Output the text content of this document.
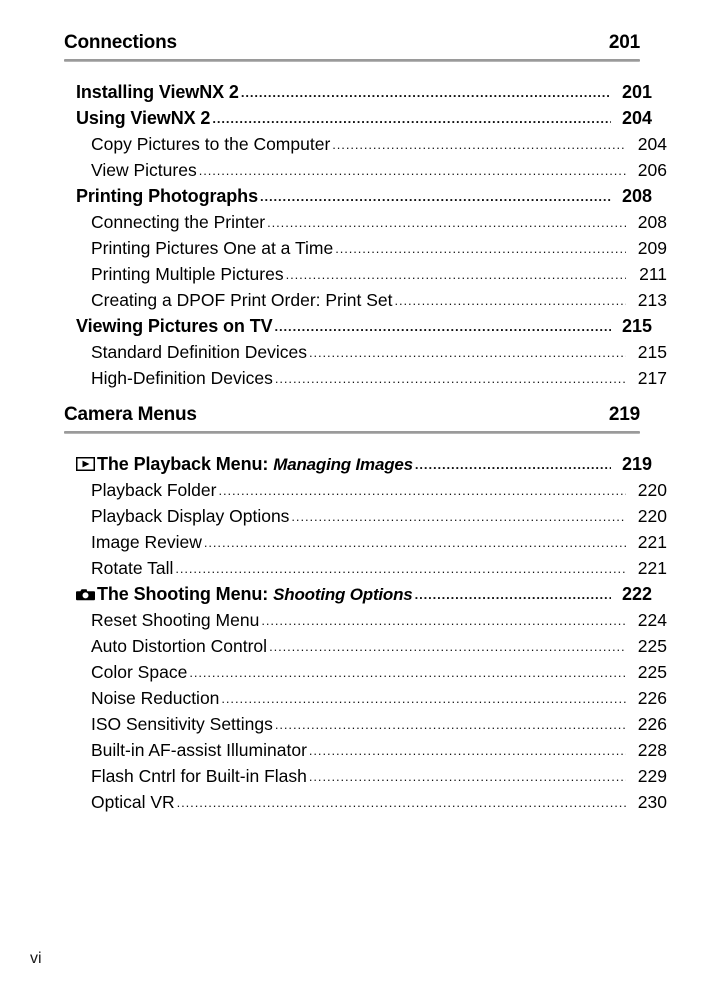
Connections	201
Installing ViewNX 2 .....	201
Using ViewNX 2 .....	204
Copy Pictures to the Computer .....	204
View Pictures .....	206
Printing Photographs .....	208
Connecting the Printer .....	208
Printing Pictures One at a Time .....	209
Printing Multiple Pictures .....	211
Creating a DPOF Print Order: Print Set .....	213
Viewing Pictures on TV .....	215
Standard Definition Devices .....	215
High-Definition Devices .....	217
Camera Menus	219
The Playback Menu: Managing Images .....	219
Playback Folder .....	220
Playback Display Options .....	220
Image Review .....	221
Rotate Tall .....	221
The Shooting Menu: Shooting Options .....	222
Reset Shooting Menu .....	224
Auto Distortion Control .....	225
Color Space .....	225
Noise Reduction .....	226
ISO Sensitivity Settings .....	226
Built-in AF-assist Illuminator .....	228
Flash Cntrl for Built-in Flash .....	229
Optical VR .....	230
vi
